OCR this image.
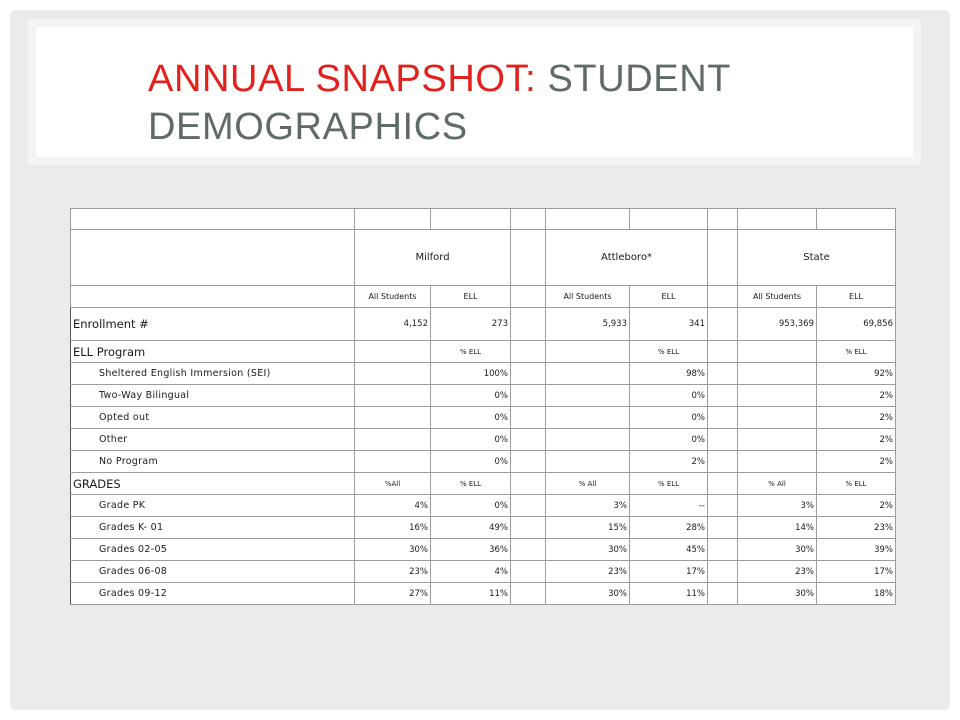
ANNUAL SNAPSHOT: STUDENT DEMOGRAPHICS

	Milford			Attleboro*			State	
	All Students	ELL		All Students	ELL		All Students	ELL
Enrollment #	4,152	273		5,933	341		953,369	69,856
ELL Program		% ELL			% ELL			% ELL
Sheltered English Immersion (SEI)		100%			98%			92%
Two-Way Bilingual		0%			0%			2%
Opted out		0%			0%			2%
Other		0%			0%			2%
No Program		0%			2%			2%
GRADES	%All	% ELL		% All	% ELL		% All	% ELL
Grade PK	4%	0%		3%	--		3%	2%
Grades K- 01	16%	49%		15%	28%		14%	23%
Grades 02-05	30%	36%		30%	45%		30%	39%
Grades 06-08	23%	4%		23%	17%		23%	17%
Grades 09-12	27%	11%		30%	11%		30%	18%
